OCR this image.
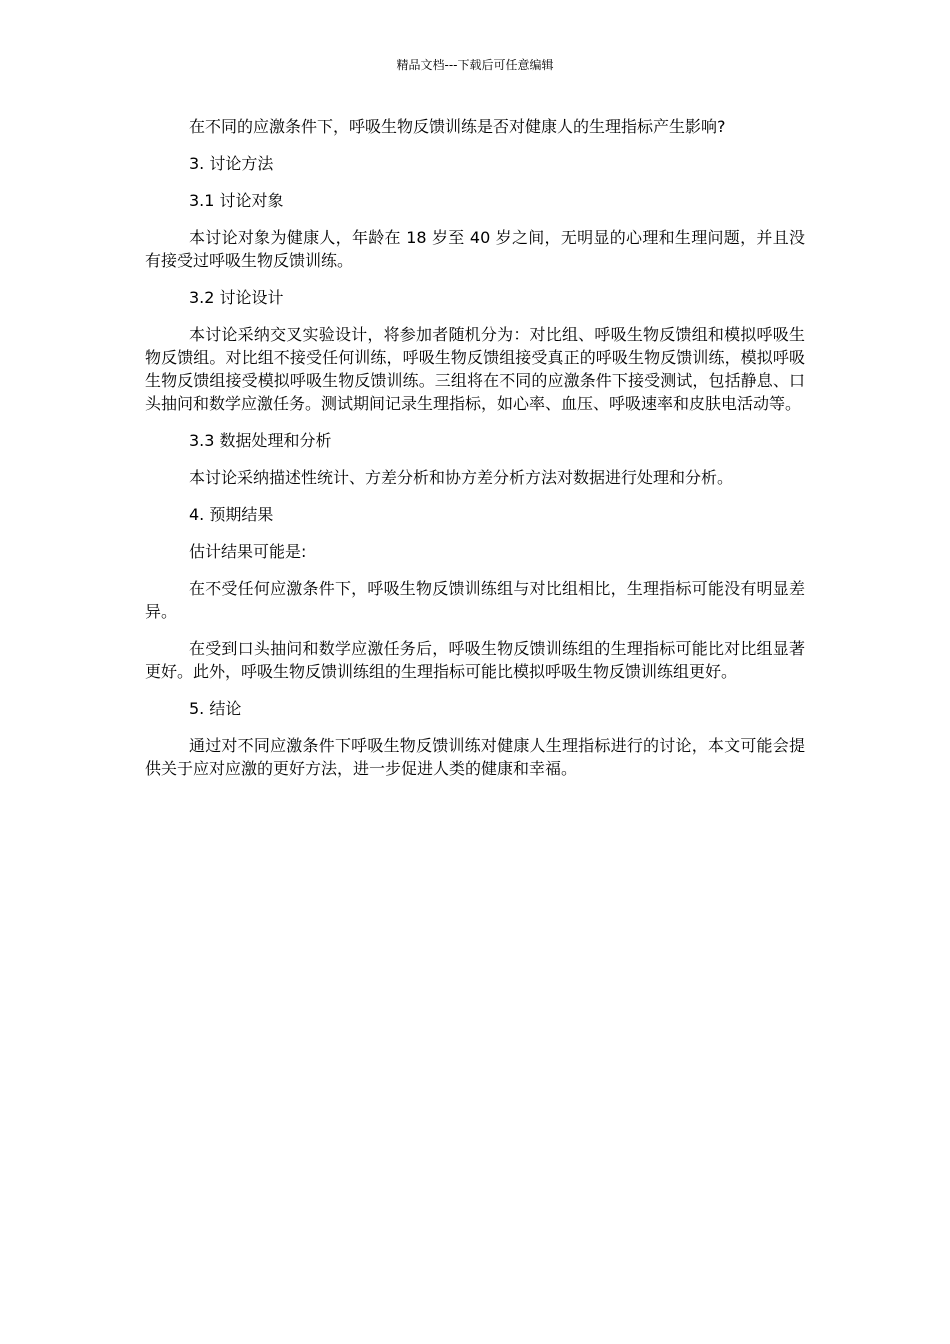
精品文档---下载后可任意编辑

在不同的应激条件下，呼吸生物反馈训练是否对健康人的生理指标产生影响?

3. 讨论方法

3.1 讨论对象

本讨论对象为健康人，年龄在 18 岁至 40 岁之间，无明显的心理和生理问题，并且没有接受过呼吸生物反馈训练。

3.2 讨论设计

本讨论采纳交叉实验设计，将参加者随机分为：对比组、呼吸生物反馈组和模拟呼吸生物反馈组。对比组不接受任何训练，呼吸生物反馈组接受真正的呼吸生物反馈训练，模拟呼吸生物反馈组接受模拟呼吸生物反馈训练。三组将在不同的应激条件下接受测试，包括静息、口头抽问和数学应激任务。测试期间记录生理指标，如心率、血压、呼吸速率和皮肤电活动等。

3.3 数据处理和分析

本讨论采纳描述性统计、方差分析和协方差分析方法对数据进行处理和分析。

4. 预期结果

估计结果可能是:

在不受任何应激条件下，呼吸生物反馈训练组与对比组相比，生理指标可能没有明显差异。

在受到口头抽问和数学应激任务后，呼吸生物反馈训练组的生理指标可能比对比组显著更好。此外，呼吸生物反馈训练组的生理指标可能比模拟呼吸生物反馈训练组更好。

5. 结论

通过对不同应激条件下呼吸生物反馈训练对健康人生理指标进行的讨论，本文可能会提供关于应对应激的更好方法，进一步促进人类的健康和幸福。
